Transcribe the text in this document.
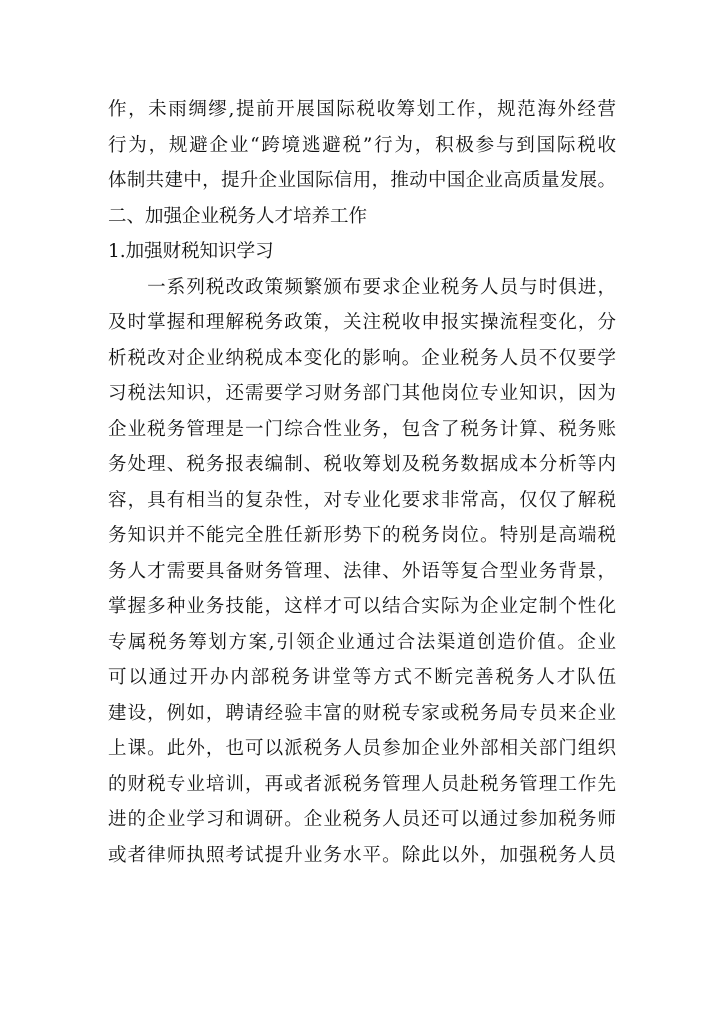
作，未雨绸缪,提前开展国际税收筹划工作，规范海外经营
行为，规避企业“跨境逃避税”行为，积极参与到国际税收
体制共建中，提升企业国际信用，推动中国企业高质量发展。
二、加强企业税务人才培养工作
1.加强财税知识学习
　　一系列税改政策频繁颁布要求企业税务人员与时俱进，
及时掌握和理解税务政策，关注税收申报实操流程变化，分
析税改对企业纳税成本变化的影响。企业税务人员不仅要学
习税法知识，还需要学习财务部门其他岗位专业知识，因为
企业税务管理是一门综合性业务，包含了税务计算、税务账
务处理、税务报表编制、税收筹划及税务数据成本分析等内
容，具有相当的复杂性，对专业化要求非常高，仅仅了解税
务知识并不能完全胜任新形势下的税务岗位。特别是高端税
务人才需要具备财务管理、法律、外语等复合型业务背景，
掌握多种业务技能，这样才可以结合实际为企业定制个性化
专属税务筹划方案,引领企业通过合法渠道创造价值。企业
可以通过开办内部税务讲堂等方式不断完善税务人才队伍
建设，例如，聘请经验丰富的财税专家或税务局专员来企业
上课。此外，也可以派税务人员参加企业外部相关部门组织
的财税专业培训，再或者派税务管理人员赴税务管理工作先
进的企业学习和调研。企业税务人员还可以通过参加税务师
或者律师执照考试提升业务水平。除此以外，加强税务人员
